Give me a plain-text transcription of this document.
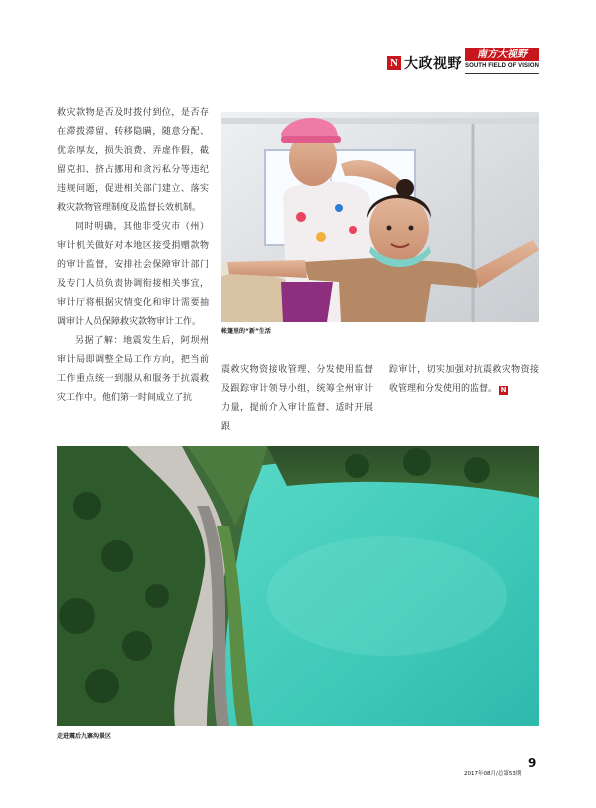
N 大政视野
南方大视野
SOUTH FIELD OF VISION

救灾款物是否及时拨付到位，是否存在滞拨滞留、转移隐瞒，随意分配、优亲厚友，损失浪费、弄虚作假，截留克扣、挤占挪用和贪污私分等违纪违规问题，促进相关部门建立、落实救灾款物管理制度及监督长效机制。

同时明确，其他非受灾市（州）审计机关做好对本地区接受捐赠款物的审计监督，安排社会保障审计部门及专门人员负责协调衔接相关事宜，审计厅将根据灾情变化和审计需要抽调审计人员保障救灾款物审计工作。

另据了解：地震发生后，阿坝州审计局即调整全局工作方向，把当前工作重点统一到服从和服务于抗震救灾工作中。他们第一时间成立了抗

帐篷里的“新”生活

震救灾物资接收管理、分发使用监督及跟踪审计领导小组，统筹全州审计力量，提前介入审计监督、适时开展跟

踪审计，切实加强对抗震救灾物资接收管理和分发使用的监督。 N

走进震后九寨沟景区
9
2017年08月/总第53期
